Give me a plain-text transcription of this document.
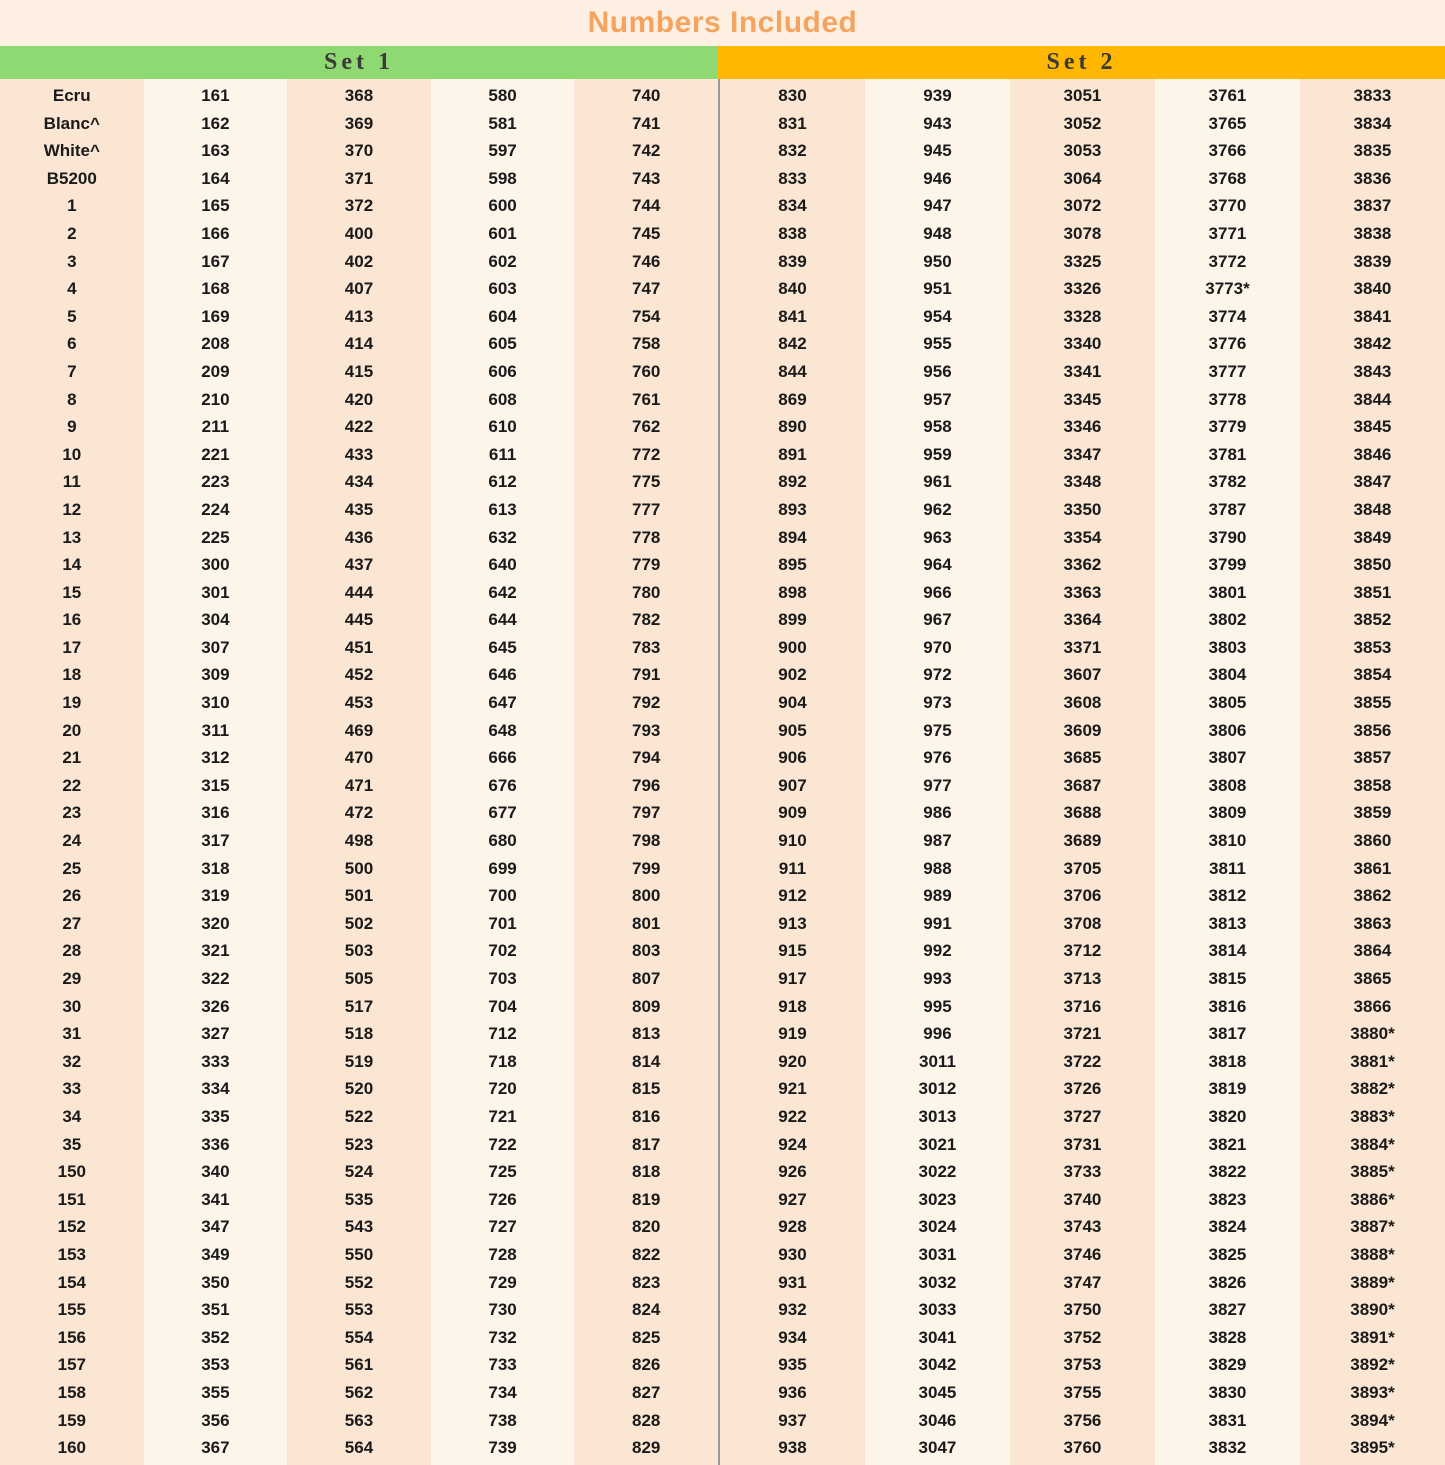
Numbers Included
Set 1	Set 2
Ecru
Blanc^
White^
B5200
1
2
3
4
5
6
7
8
9
10
11
12
13
14
15
16
17
18
19
20
21
22
23
24
25
26
27
28
29
30
31
32
33
34
35
150
151
152
153
154
155
156
157
158
159
160
161
162
163
164
165
166
167
168
169
208
209
210
211
221
223
224
225
300
301
304
307
309
310
311
312
315
316
317
318
319
320
321
322
326
327
333
334
335
336
340
341
347
349
350
351
352
353
355
356
367
368
369
370
371
372
400
402
407
413
414
415
420
422
433
434
435
436
437
444
445
451
452
453
469
470
471
472
498
500
501
502
503
505
517
518
519
520
522
523
524
535
543
550
552
553
554
561
562
563
564
580
581
597
598
600
601
602
603
604
605
606
608
610
611
612
613
632
640
642
644
645
646
647
648
666
676
677
680
699
700
701
702
703
704
712
718
720
721
722
725
726
727
728
729
730
732
733
734
738
739
740
741
742
743
744
745
746
747
754
758
760
761
762
772
775
777
778
779
780
782
783
791
792
793
794
796
797
798
799
800
801
803
807
809
813
814
815
816
817
818
819
820
822
823
824
825
826
827
828
829
830
831
832
833
834
838
839
840
841
842
844
869
890
891
892
893
894
895
898
899
900
902
904
905
906
907
909
910
911
912
913
915
917
918
919
920
921
922
924
926
927
928
930
931
932
934
935
936
937
938
939
943
945
946
947
948
950
951
954
955
956
957
958
959
961
962
963
964
966
967
970
972
973
975
976
977
986
987
988
989
991
992
993
995
996
3011
3012
3013
3021
3022
3023
3024
3031
3032
3033
3041
3042
3045
3046
3047
3051
3052
3053
3064
3072
3078
3325
3326
3328
3340
3341
3345
3346
3347
3348
3350
3354
3362
3363
3364
3371
3607
3608
3609
3685
3687
3688
3689
3705
3706
3708
3712
3713
3716
3721
3722
3726
3727
3731
3733
3740
3743
3746
3747
3750
3752
3753
3755
3756
3760
3761
3765
3766
3768
3770
3771
3772
3773*
3774
3776
3777
3778
3779
3781
3782
3787
3790
3799
3801
3802
3803
3804
3805
3806
3807
3808
3809
3810
3811
3812
3813
3814
3815
3816
3817
3818
3819
3820
3821
3822
3823
3824
3825
3826
3827
3828
3829
3830
3831
3832
3833
3834
3835
3836
3837
3838
3839
3840
3841
3842
3843
3844
3845
3846
3847
3848
3849
3850
3851
3852
3853
3854
3855
3856
3857
3858
3859
3860
3861
3862
3863
3864
3865
3866
3880*
3881*
3882*
3883*
3884*
3885*
3886*
3887*
3888*
3889*
3890*
3891*
3892*
3893*
3894*
3895*
